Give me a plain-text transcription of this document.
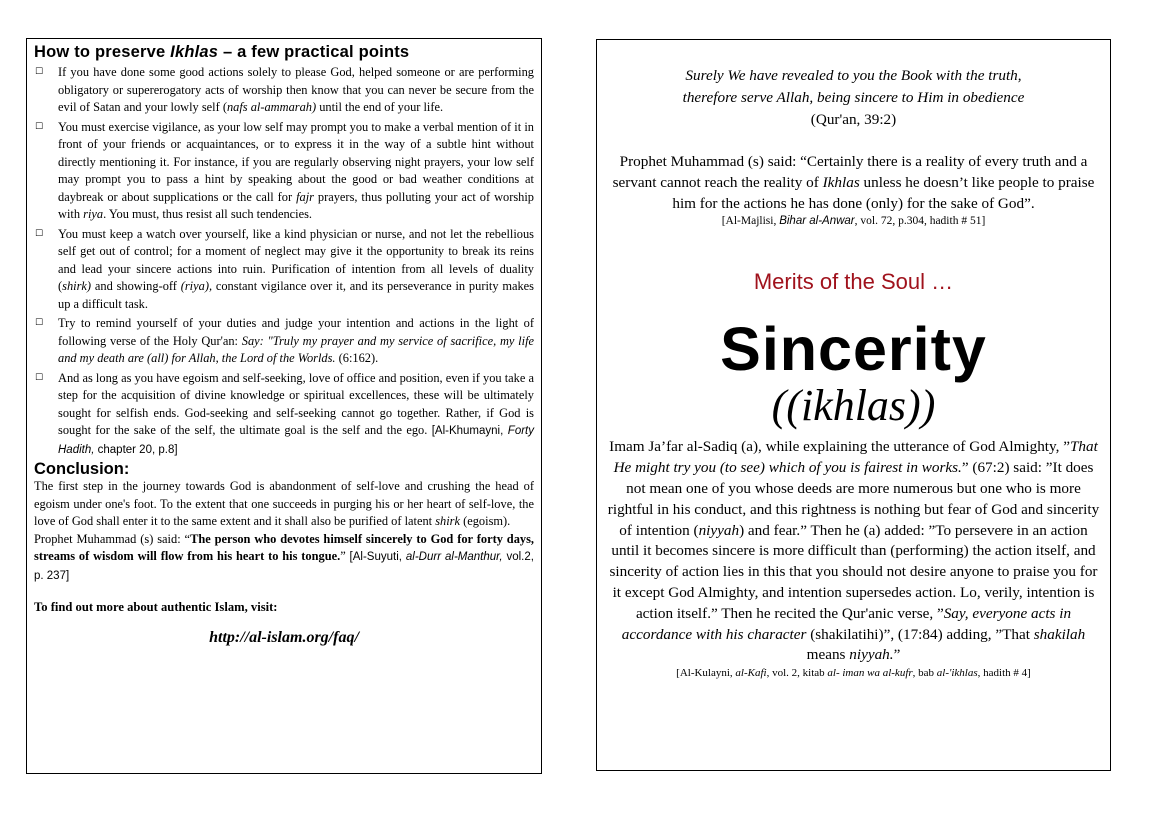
How to preserve Ikhlas – a few practical points
☐	If you have done some good actions solely to please God, helped someone or are performing obligatory or supererogatory acts of worship then know that you can never be secure from the evil of Satan and your lowly self (nafs al-ammarah) until the end of your life.
☐	You must exercise vigilance, as your low self may prompt you to make a verbal mention of it in front of your friends or acquaintances, or to express it in the way of a subtle hint without directly mentioning it. For instance, if you are regularly observing night prayers, your low self may prompt you to pass a hint by speaking about the good or bad weather conditions at daybreak or about supplications or the call for fajr prayers, thus polluting your act of worship with riya. You must, thus resist all such tendencies.
☐	You must keep a watch over yourself, like a kind physician or nurse, and not let the rebellious self get out of control; for a moment of neglect may give it the opportunity to break its reins and lead your sincere actions into ruin. Purification of intention from all levels of duality (shirk) and showing-off (riya), constant vigilance over it, and its perseverance in purity makes up a difficult task.
☐	Try to remind yourself of your duties and judge your intention and actions in the light of following verse of the Holy Qur'an: Say: "Truly my prayer and my service of sacrifice, my life and my death are (all) for Allah, the Lord of the Worlds. (6:162).
☐	And as long as you have egoism and self-seeking, love of office and position, even if you take a step for the acquisition of divine knowledge or spiritual excellences, these will be ultimately sought for selfish ends. God-seeking and self-seeking cannot go together. Rather, if God is sought for the sake of the self, the ultimate goal is the self and the ego. [Al-Khumayni, Forty Hadith, chapter 20, p.8]
Conclusion:

The first step in the journey towards God is abandonment of self-love and crushing the head of egoism under one's foot. To the extent that one succeeds in purging his or her heart of self-love, the love of God shall enter it to the same extent and it shall also be purified of latent shirk (egoism).

Prophet Muhammad (s) said: “The person who devotes himself sincerely to God for forty days, streams of wisdom will flow from his heart to his tongue.” [Al-Suyuti, al-Durr al-Manthur, vol.2, p. 237]

To find out more about authentic Islam, visit:
http://al-islam.org/faq/
Surely We have revealed to you the Book with the truth,
therefore serve Allah, being sincere to Him in obedience
(Qur'an, 39:2)
Prophet Muhammad (s) said: “Certainly there is a reality of every truth and a servant cannot reach the reality of Ikhlas unless he doesn’t like people to praise him for the actions he has done (only) for the sake of God”.
[Al-Majlisi, Bihar al-Anwar, vol. 72, p.304, hadith # 51]
Merits of the Soul …
Sincerity
((ikhlas))
Imam Ja’far al-Sadiq (a), while explaining the utterance of God Almighty, ”That He might try you (to see) which of you is fairest in works.” (67:2) said: ”It does not mean one of you whose deeds are more numerous but one who is more rightful in his conduct, and this rightness is nothing but fear of God and sincerity of intention (niyyah) and fear.” Then he (a) added: ”To persevere in an action until it becomes sincere is more difficult than (performing) the action itself, and sincerity of action lies in this that you should not desire anyone to praise you for it except God Almighty, and intention supersedes action. Lo, verily, intention is action itself.” Then he recited the Qur'anic verse, ”Say, everyone acts in accordance with his character (shakilatihi)”, (17:84) adding, ”That shakilah means niyyah.”
[Al-Kulayni, al-Kafi, vol. 2, kitab al- iman wa al-kufr, bab al-'ikhlas, hadith # 4]
